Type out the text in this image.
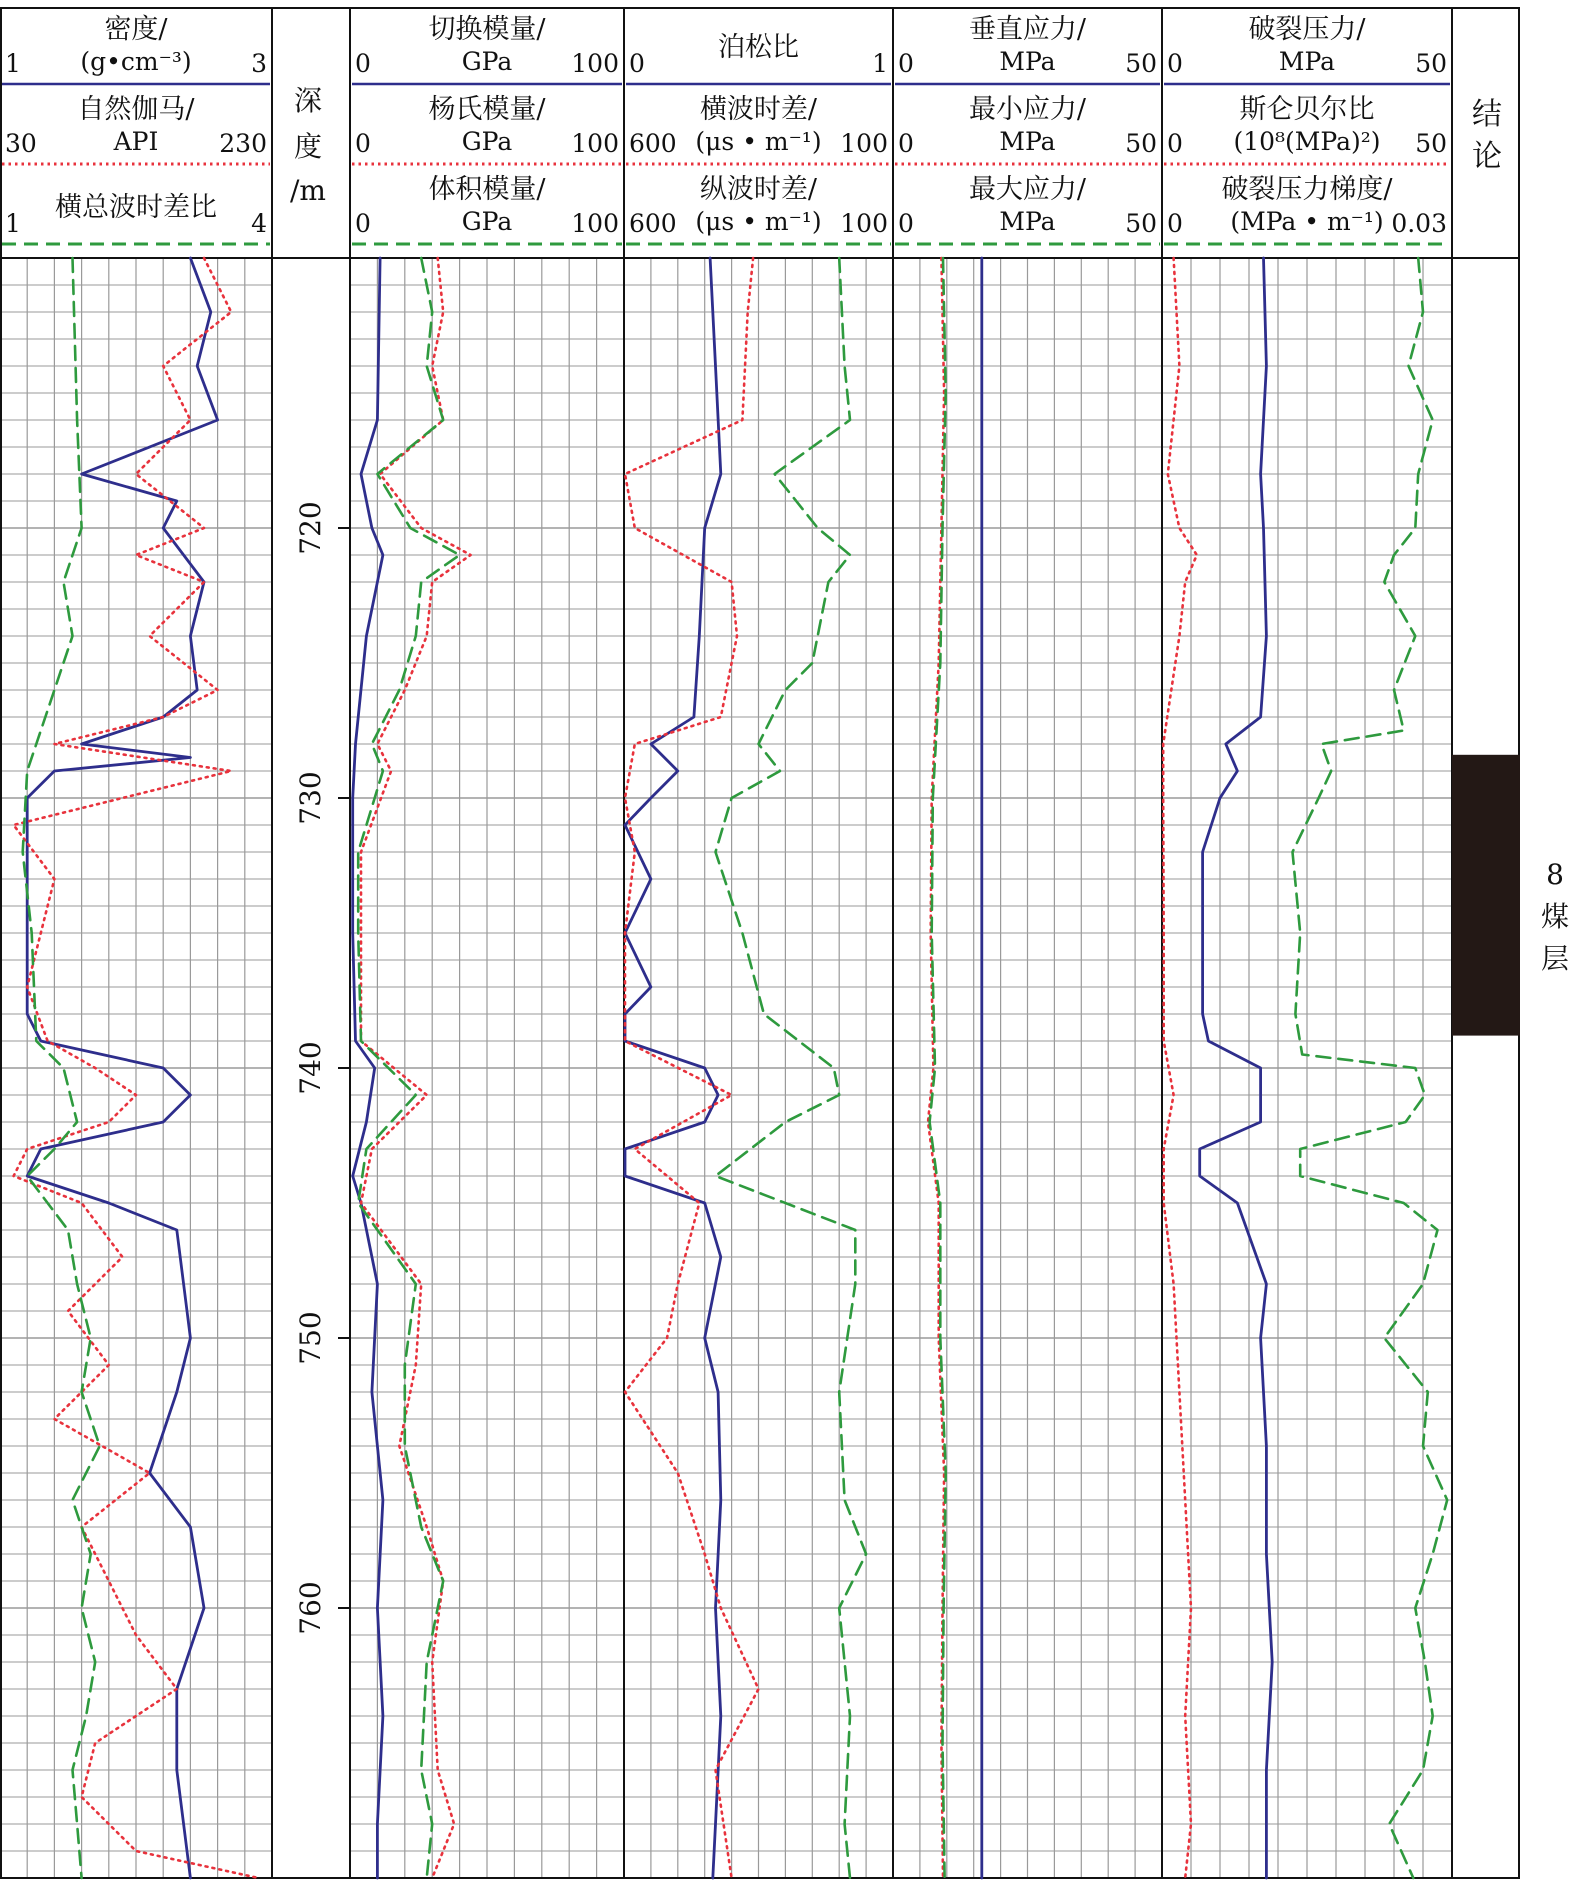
密度/
(g•cm⁻³)
1	3
自然伽马/
API
30	230
横总波时差比
1	4
切换模量/
GPa
0	100
杨氏模量/
GPa
0	100
体积模量/
GPa
0	100
泊松比
0	1
横波时差/
(μs • m⁻¹)
600	100
纵波时差/
(μs • m⁻¹)
600	100
垂直应力/
MPa
0	50
最小应力/
MPa
0	50
最大应力/
MPa
0	50
破裂压力/
MPa
0	50
斯仑贝尔比
(10⁸(MPa)²)
0	50
破裂压力梯度/
(MPa • m⁻¹)
0	0.03
深
度
/m
720
730
740
750
760
结
论
8
煤
层
